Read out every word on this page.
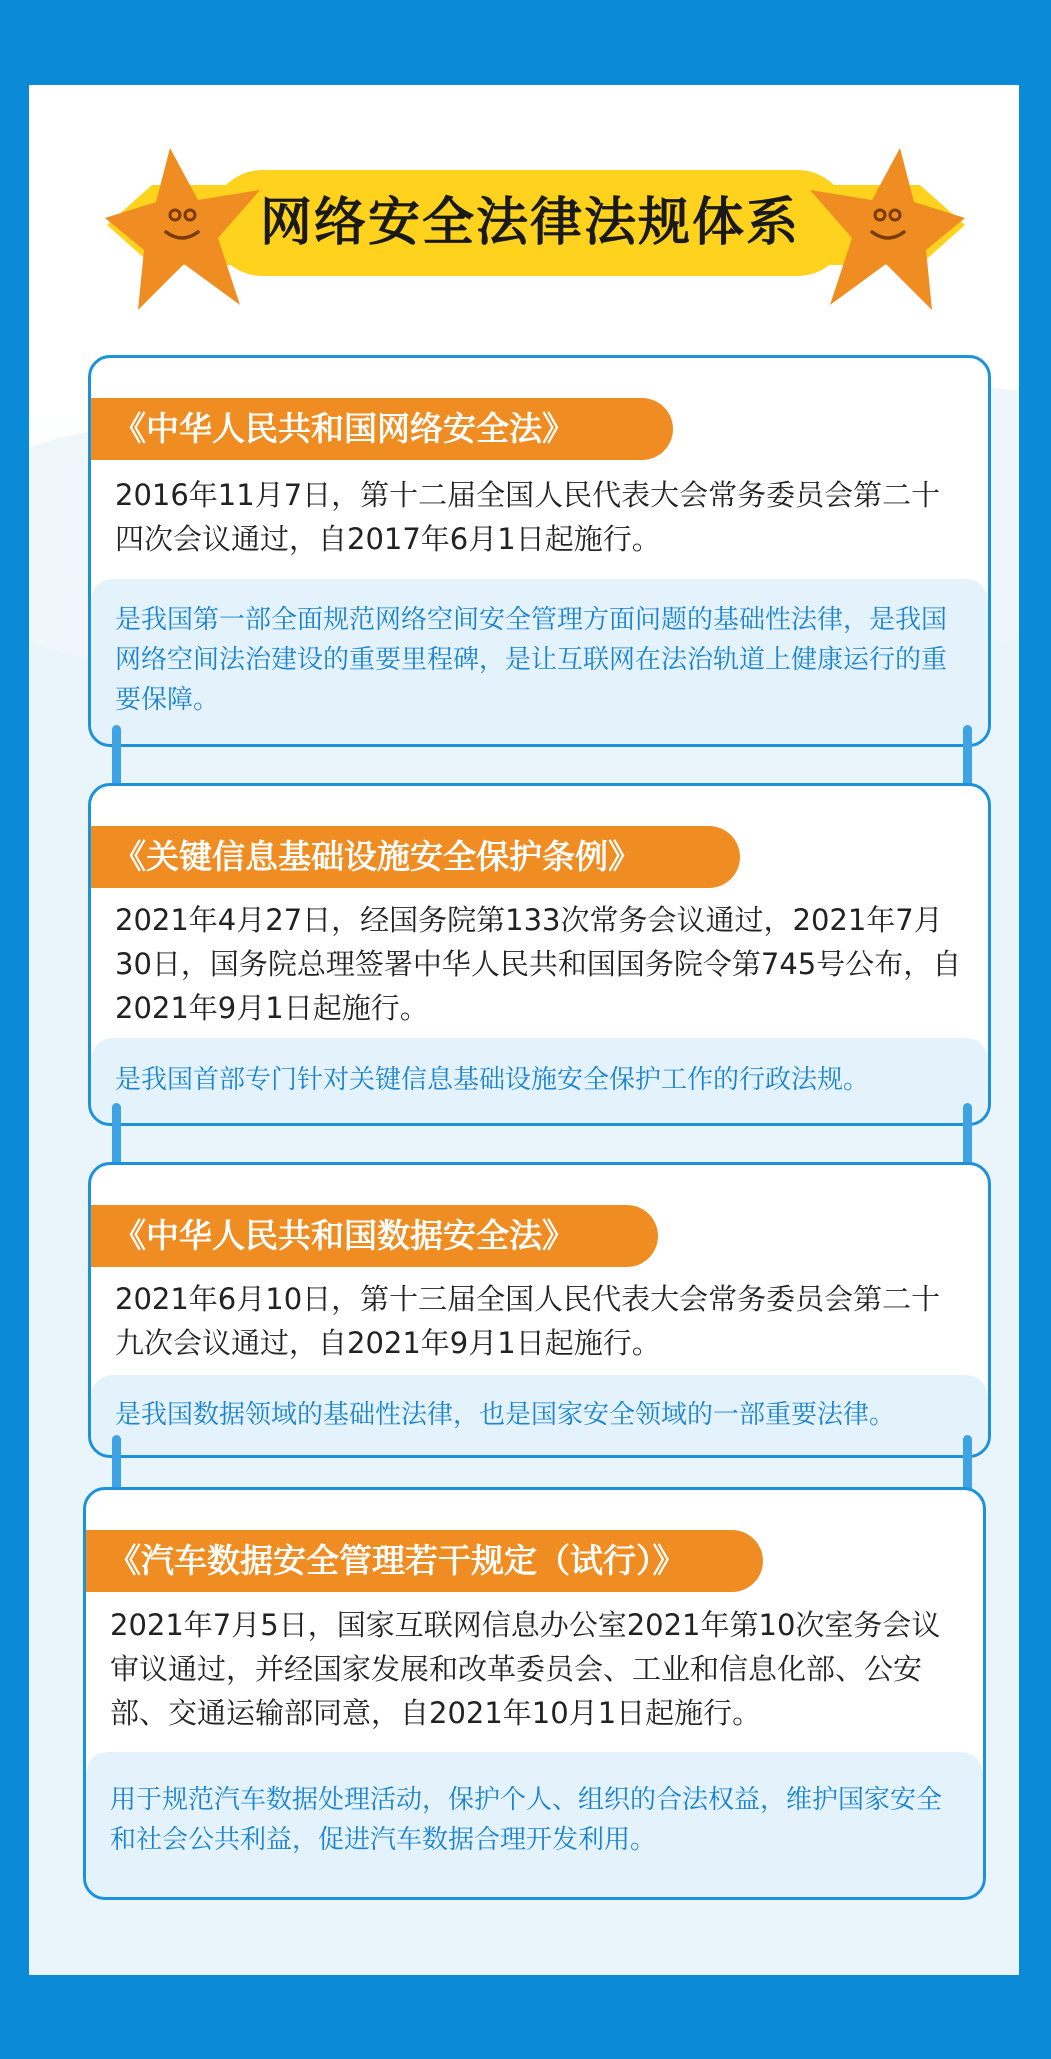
网络安全法律法规体系
《中华人民共和国网络安全法》
2016年11月7日，第十二届全国人民代表大会常务委员会第二十四次会议通过，自2017年6月1日起施行。
是我国第一部全面规范网络空间安全管理方面问题的基础性法律，是我国网络空间法治建设的重要里程碑，是让互联网在法治轨道上健康运行的重要保障。
《关键信息基础设施安全保护条例》
2021年4月27日，经国务院第133次常务会议通过，2021年7月30日，国务院总理签署中华人民共和国国务院令第745号公布，自2021年9月1日起施行。
是我国首部专门针对关键信息基础设施安全保护工作的行政法规。
《中华人民共和国数据安全法》
2021年6月10日，第十三届全国人民代表大会常务委员会第二十九次会议通过，自2021年9月1日起施行。
是我国数据领域的基础性法律，也是国家安全领域的一部重要法律。
《汽车数据安全管理若干规定（试行）》
2021年7月5日，国家互联网信息办公室2021年第10次室务会议审议通过，并经国家发展和改革委员会、工业和信息化部、公安部、交通运输部同意，自2021年10月1日起施行。
用于规范汽车数据处理活动，保护个人、组织的合法权益，维护国家安全和社会公共利益，促进汽车数据合理开发利用。
